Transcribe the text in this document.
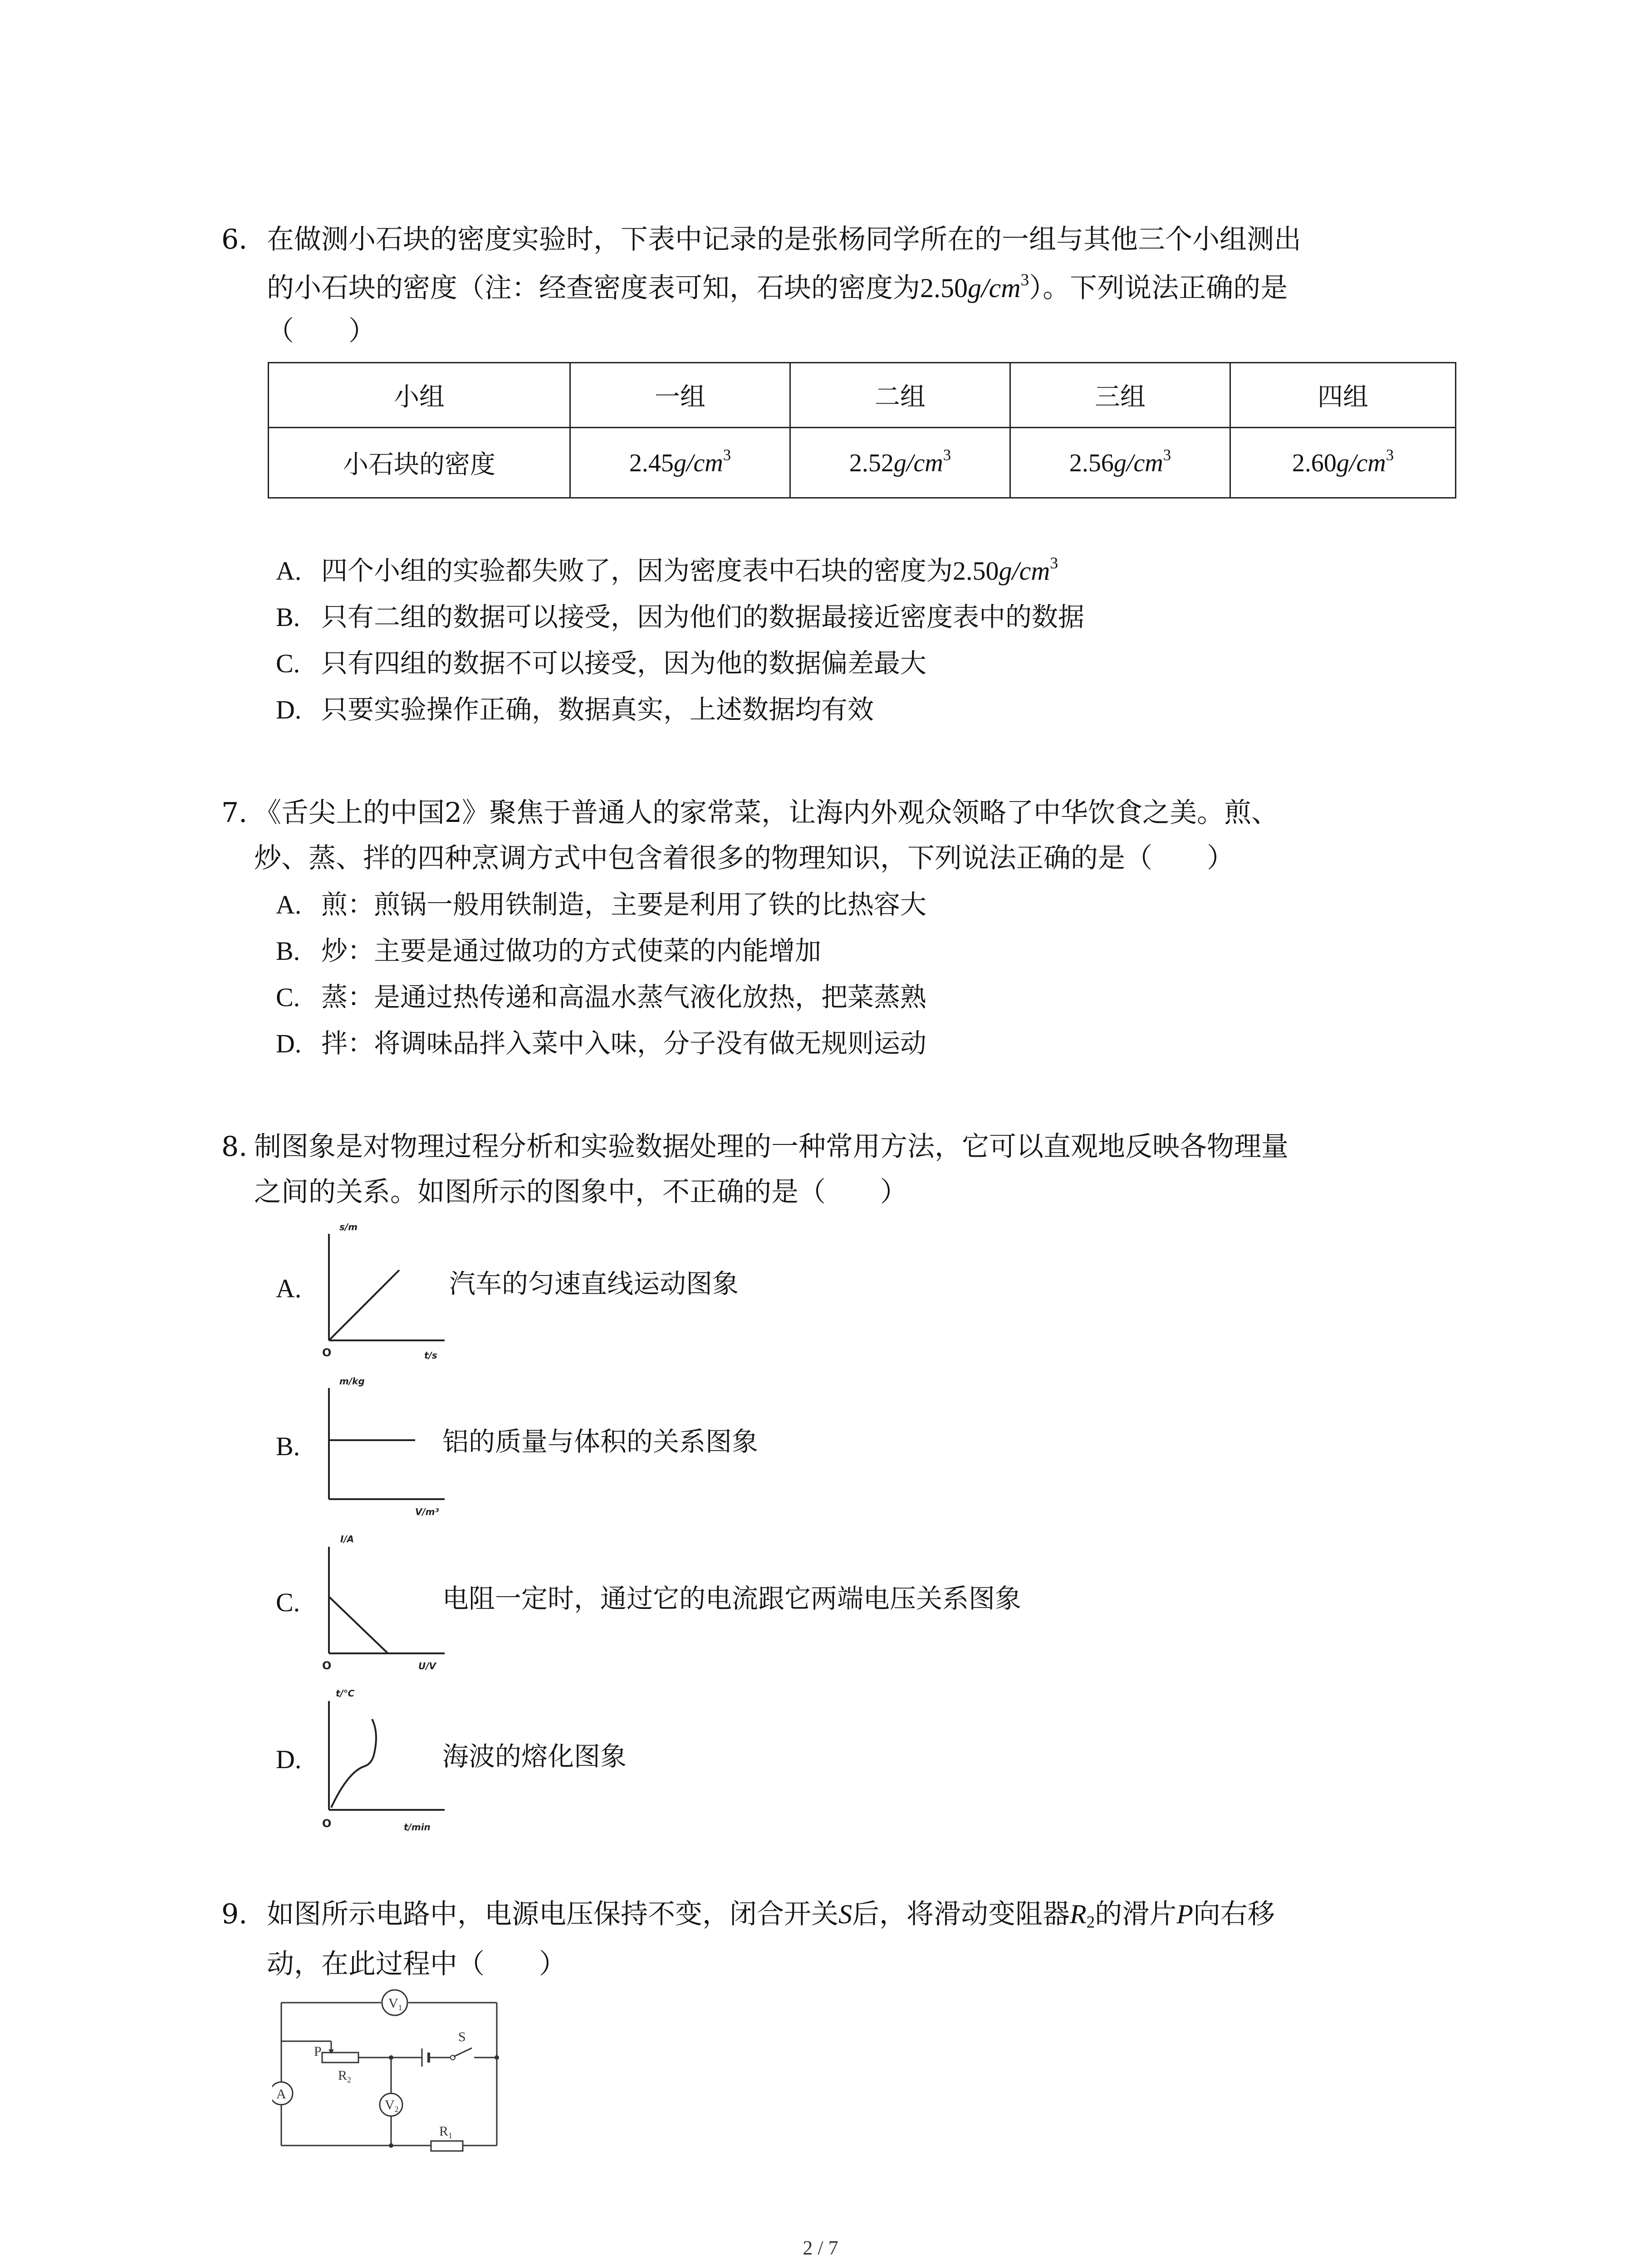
6. 在做测小石块的密度实验时，下表中记录的是张杨同学所在的一组与其他三个小组测出
的小石块的密度（注：经查密度表可知，石块的密度为$2.50g/cm^3$）。下列说法正确的是
（　　）
小组	一组	二组	三组	四组
小石块的密度	$2.45g/cm^3$	$2.52g/cm^3$	$2.56g/cm^3$	$2.60g/cm^3$
A. 四个小组的实验都失败了，因为密度表中石块的密度为$2.50g/cm^3$
B. 只有二组的数据可以接受，因为他们的数据最接近密度表中的数据
C. 只有四组的数据不可以接受，因为他的数据偏差最大
D. 只要实验操作正确，数据真实，上述数据均有效
7. 《舌尖上的中国2》聚焦于普通人的家常菜，让海内外观众领略了中华饮食之美。煎、
炒、蒸、拌的四种烹调方式中包含着很多的物理知识，下列说法正确的是（　　）
A. 煎：煎锅一般用铁制造，主要是利用了铁的比热容大
B. 炒：主要是通过做功的方式使菜的内能增加
C. 蒸：是通过热传递和高温水蒸气液化放热，把菜蒸熟
D. 拌：将调味品拌入菜中入味，分子没有做无规则运动
8. 制图象是对物理过程分析和实验数据处理的一种常用方法，它可以直观地反映各物理量
之间的关系。如图所示的图象中，不正确的是（　　）
A.
s/m
O	t/s
汽车的匀速直线运动图象
B.
m/kg
V/m³
铝的质量与体积的关系图象
C.
I/A
O	U/V
电阻一定时，通过它的电流跟它两端电压关系图象
D.
t/℃
O	t/min
海波的熔化图象
9. 如图所示电路中，电源电压保持不变，闭合开关S后，将滑动变阻器$R_2$的滑片P向右移
动，在此过程中（　　）
$V_1$
A
P
$R_2$
S
$V_2$
$R_1$
2 / 7
